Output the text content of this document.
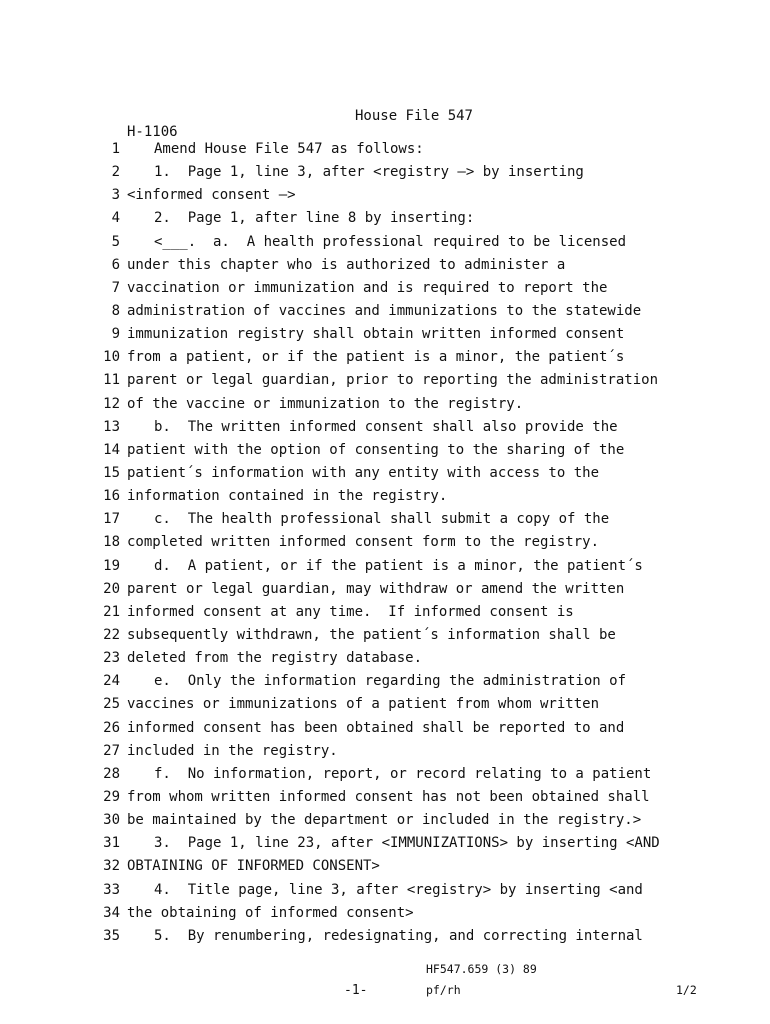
House File 547
H-1106
1 Amend House File 547 as follows:
2 1.  Page 1, line 3, after <registry —> by inserting
3 <informed consent —>
4 2.  Page 1, after line 8 by inserting:
5 <___.  a.  A health professional required to be licensed
6 under this chapter who is authorized to administer a
7 vaccination or immunization and is required to report the
8 administration of vaccines and immunizations to the statewide
9 immunization registry shall obtain written informed consent
10 from a patient, or if the patient is a minor, the patient´s
11 parent or legal guardian, prior to reporting the administration
12 of the vaccine or immunization to the registry.
13 b.  The written informed consent shall also provide the
14 patient with the option of consenting to the sharing of the
15 patient´s information with any entity with access to the
16 information contained in the registry.
17 c.  The health professional shall submit a copy of the
18 completed written informed consent form to the registry.
19 d.  A patient, or if the patient is a minor, the patient´s
20 parent or legal guardian, may withdraw or amend the written
21 informed consent at any time.  If informed consent is
22 subsequently withdrawn, the patient´s information shall be
23 deleted from the registry database.
24 e.  Only the information regarding the administration of
25 vaccines or immunizations of a patient from whom written
26 informed consent has been obtained shall be reported to and
27 included in the registry.
28 f.  No information, report, or record relating to a patient
29 from whom written informed consent has not been obtained shall
30 be maintained by the department or included in the registry.>
31 3.  Page 1, line 23, after <IMMUNIZATIONS> by inserting <AND
32 OBTAINING OF INFORMED CONSENT>
33 4.  Title page, line 3, after <registry> by inserting <and
34 the obtaining of informed consent>
35 5.  By renumbering, redesignating, and correcting internal
HF547.659 (3) 89
-1-	pf/rh	1/2
